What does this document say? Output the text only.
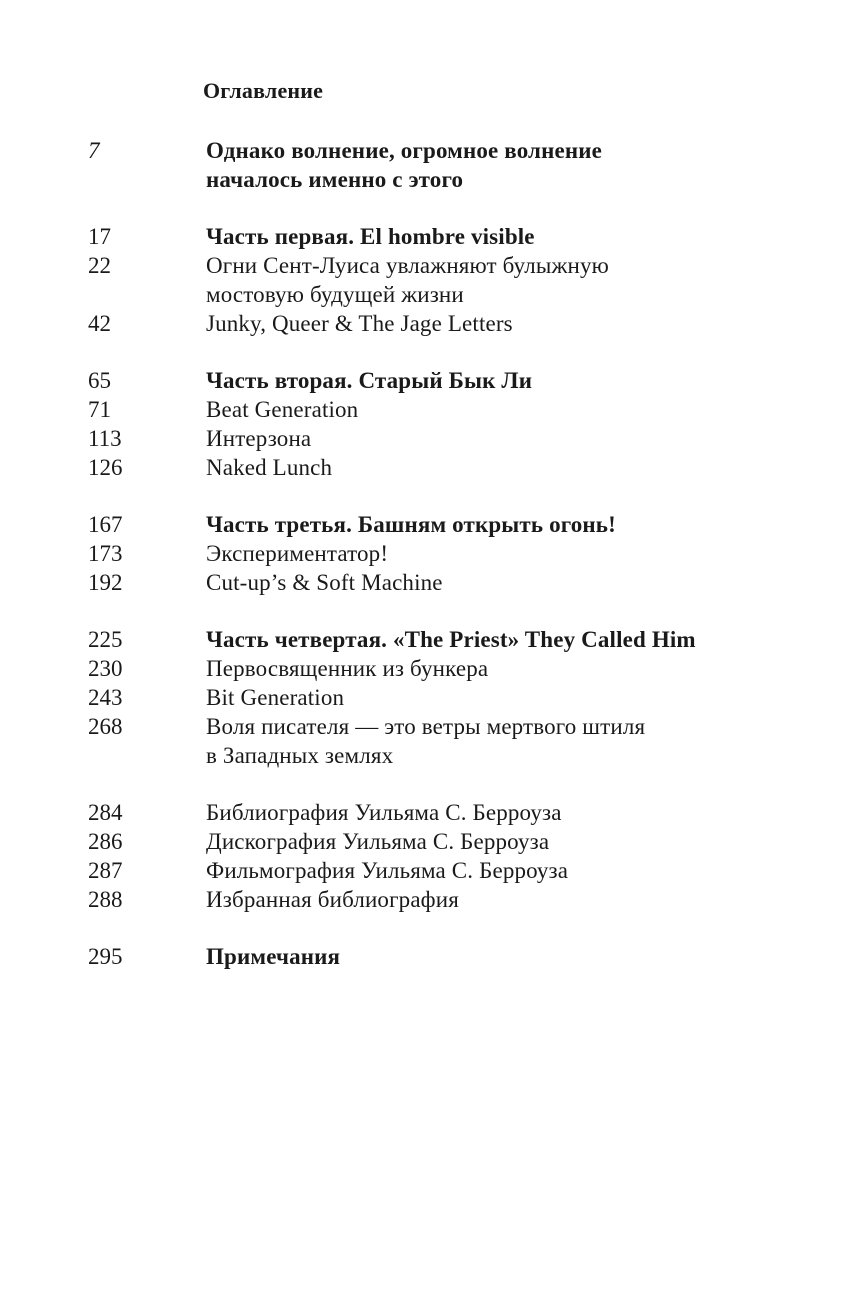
Оглавление
7	Однако волнение, огромное волнение
началось именно с этого
17	Часть первая. El hombre visible
22	Огни Сент-Луиса увлажняют булыжную
мостовую будущей жизни
42	Junky, Queer & The Jage Letters
65	Часть вторая. Старый Бык Ли
71	Beat Generation
113	Интерзона
126	Naked Lunch
167	Часть третья. Башням открыть огонь!
173	Экспериментатор!
192	Cut-up’s & Soft Machine
225	Часть четвертая. «The Priest» They Called Him
230	Первосвященник из бункера
243	Bit Generation
268	Воля писателя — это ветры мертвого штиля
в Западных землях
284	Библиография Уильяма С. Берроуза
286	Дискография Уильяма С. Берроуза
287	Фильмография Уильяма С. Берроуза
288	Избранная библиография
295	Примечания
